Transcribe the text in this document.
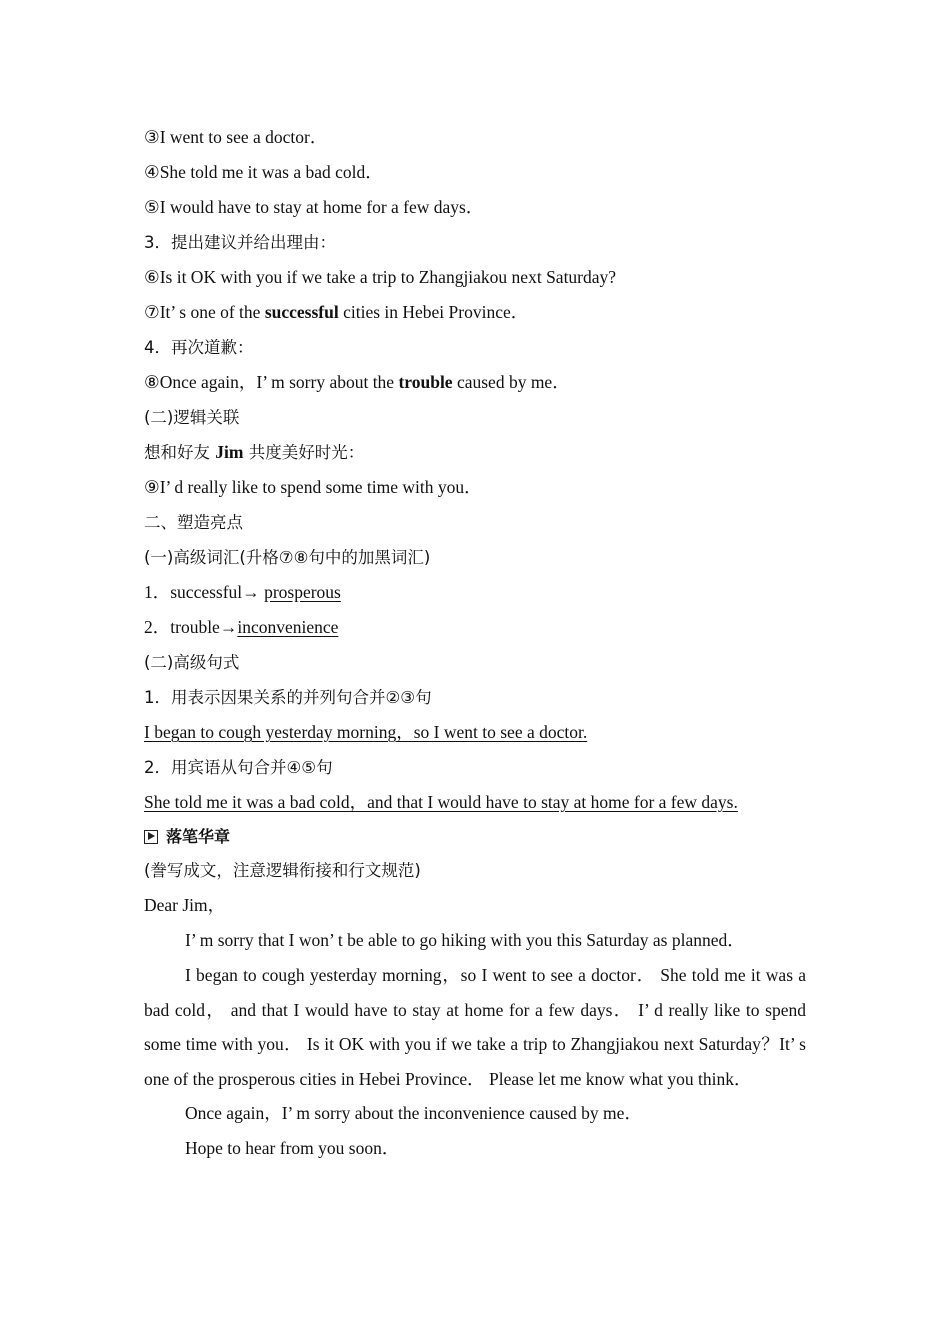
③I went to see a doctor．
④She told me it was a bad cold．
⑤I would have to stay at home for a few days．
3．提出建议并给出理由：
⑥Is it OK with you if we take a trip to Zhangjiakou next Saturday?
⑦It’ s one of the successful cities in Hebei Province．
4．再次道歉：
⑧Once again，I’ m sorry about the trouble caused by me．
(二)逻辑关联
想和好友 Jim 共度美好时光：
⑨I’ d really like to spend some time with you．
二、塑造亮点
(一)高级词汇(升格⑦⑧句中的加黑词汇)
1．successful→ prosperous
2．trouble→inconvenience
(二)高级句式
1．用表示因果关系的并列句合并②③句
I began to cough yesterday morning，so I went to see a doctor.
2．用宾语从句合并④⑤句
She told me it was a bad cold，and that I would have to stay at home for a few days.
落笔华章
(誊写成文，注意逻辑衔接和行文规范)
Dear Jim，
I’ m sorry that I won’ t be able to go hiking with you this Saturday as planned．
I began to cough yesterday morning，so I went to see a doctor． She told me it was a bad cold， and that I would have to stay at home for a few days． I’ d really like to spend some time with you． Is it OK with you if we take a trip to Zhangjiakou next Saturday？It’ s one of the prosperous cities in Hebei Province． Please let me know what you think．
Once again，I’ m sorry about the inconvenience caused by me．
Hope to hear from you soon．
